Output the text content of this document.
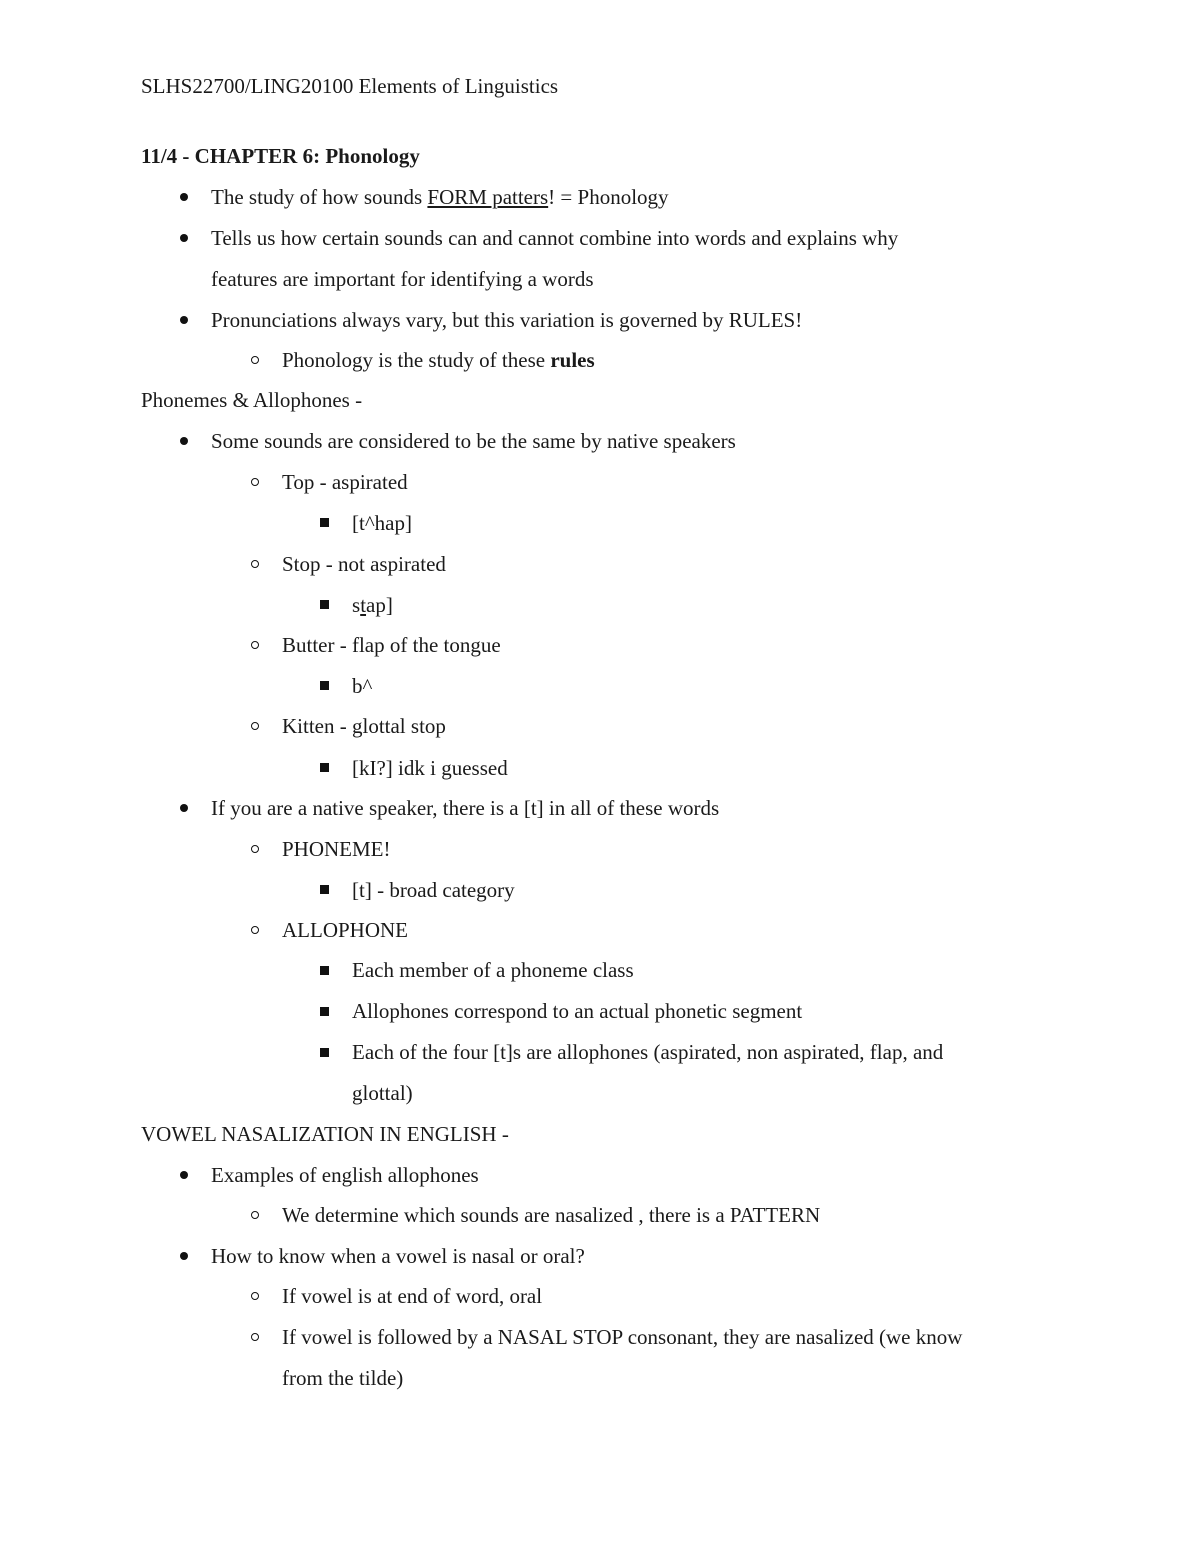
SLHS22700/LING20100 Elements of Linguistics
11/4 - CHAPTER 6: Phonology
The study of how sounds FORM patters! = Phonology
Tells us how certain sounds can and cannot combine into words and explains why
features are important for identifying a words
Pronunciations always vary, but this variation is governed by RULES!
Phonology is the study of these rules
Phonemes & Allophones -
Some sounds are considered to be the same by native speakers
Top - aspirated
[t^hap]
Stop - not aspirated
stap]
Butter - flap of the tongue
b^
Kitten - glottal stop
[kI?] idk i guessed
If you are a native speaker, there is a [t] in all of these words
PHONEME!
[t] - broad category
ALLOPHONE
Each member of a phoneme class
Allophones correspond to an actual phonetic segment
Each of the four [t]s are allophones (aspirated, non aspirated, flap, and
glottal)
VOWEL NASALIZATION IN ENGLISH -
Examples of english allophones
We determine which sounds are nasalized , there is a PATTERN
How to know when a vowel is nasal or oral?
If vowel is at end of word, oral
If vowel is followed by a NASAL STOP consonant, they are nasalized (we know
from the tilde)
